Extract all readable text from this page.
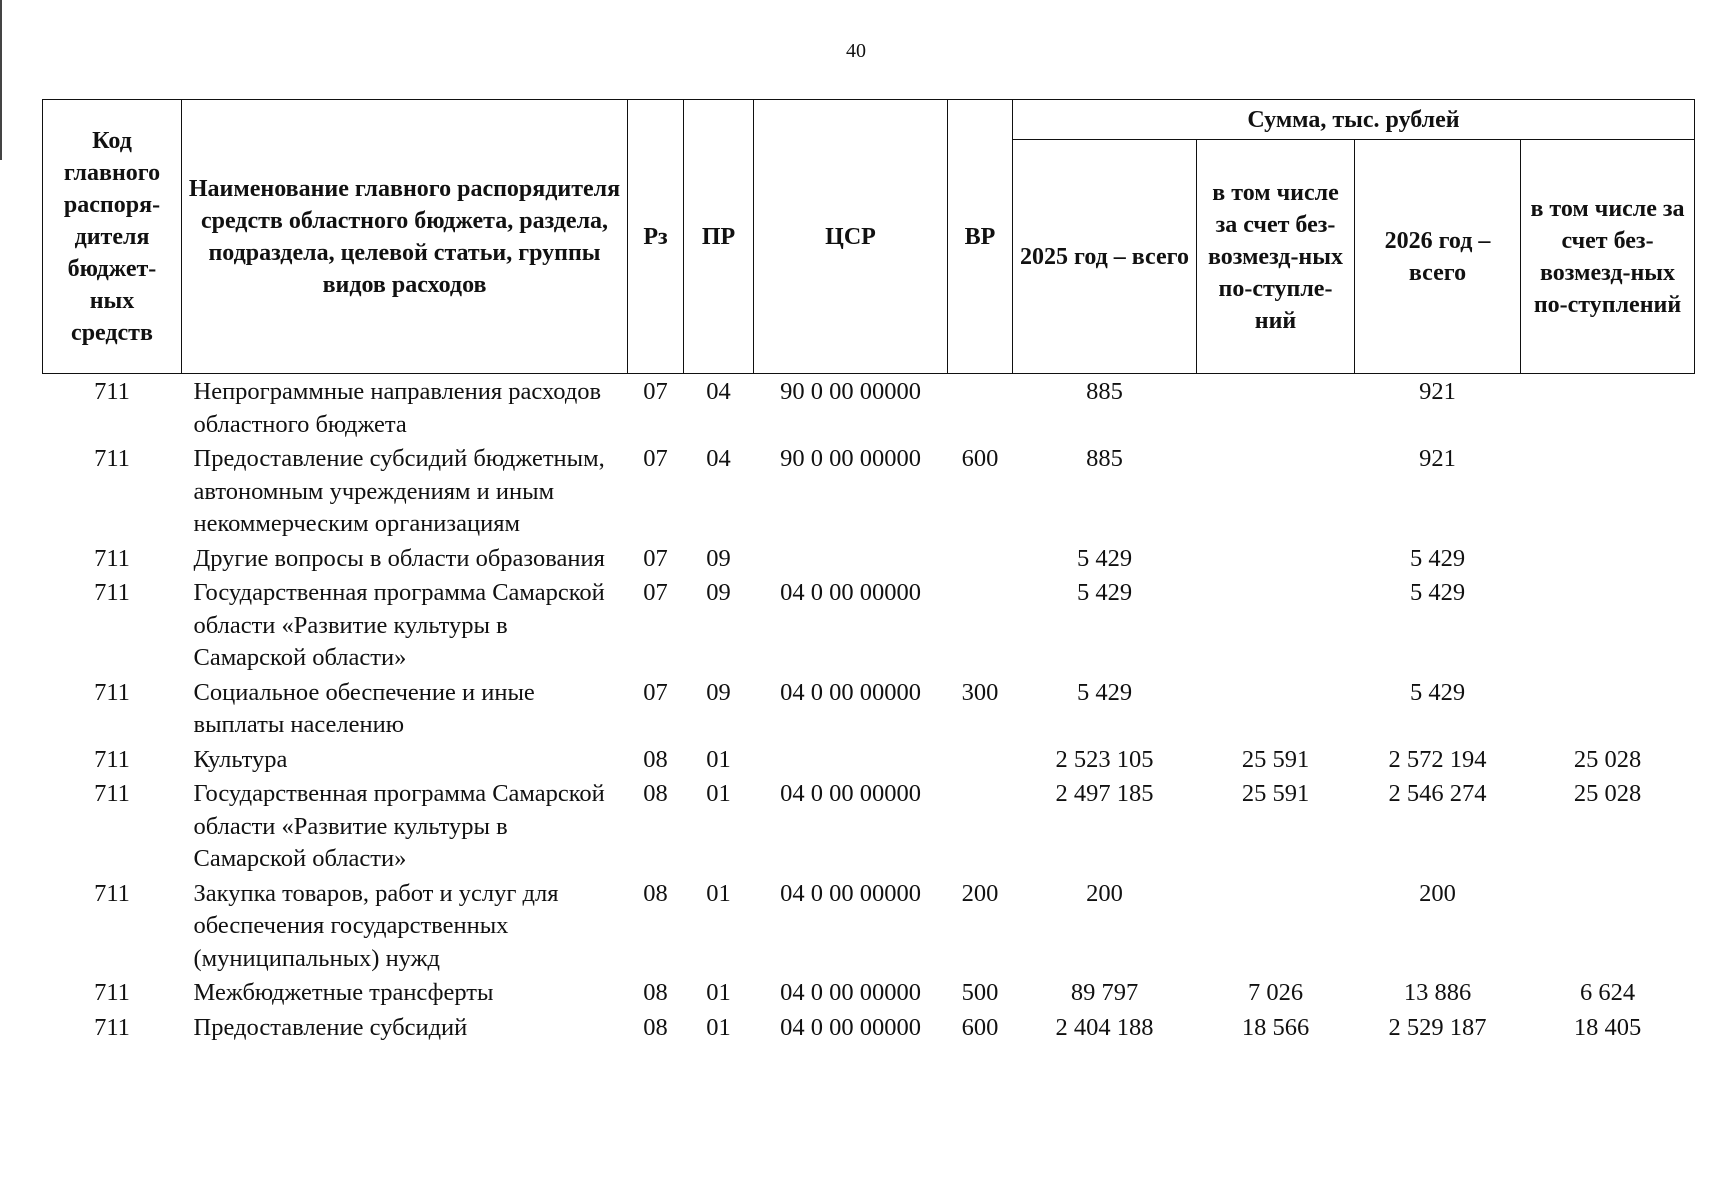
40
Код главного распоря-дителя бюджет-ных средств	Наименование главного распорядителя средств областного бюджета, раздела, подраздела, целевой статьи, группы видов расходов	Рз	ПР	ЦСР	ВР	Сумма, тыс. рублей			
						2025 год – всего	в том числе за счет без-возмезд-ных по-ступле-ний	2026 год – всего	в том числе за счет без-возмезд-ных по-ступлений
711	Непрограммные направления расходов областного бюджета	07	04	90 0 00 00000		885		921	
711	Предоставление субсидий бюджетным, автономным учреждениям и иным некоммерческим организациям	07	04	90 0 00 00000	600	885		921	
711	Другие вопросы в области образования	07	09			5 429		5 429	
711	Государственная программа Самарской области «Развитие культуры в Самарской области»	07	09	04 0 00 00000		5 429		5 429	
711	Социальное обеспечение и иные выплаты населению	07	09	04 0 00 00000	300	5 429		5 429	
711	Культура	08	01			2 523 105	25 591	2 572 194	25 028
711	Государственная программа Самарской области «Развитие культуры в Самарской области»	08	01	04 0 00 00000		2 497 185	25 591	2 546 274	25 028
711	Закупка товаров, работ и услуг для обеспечения государственных (муниципальных) нужд	08	01	04 0 00 00000	200	200		200	
711	Межбюджетные трансферты	08	01	04 0 00 00000	500	89 797	7 026	13 886	6 624
711	Предоставление субсидий	08	01	04 0 00 00000	600	2 404 188	18 566	2 529 187	18 405
